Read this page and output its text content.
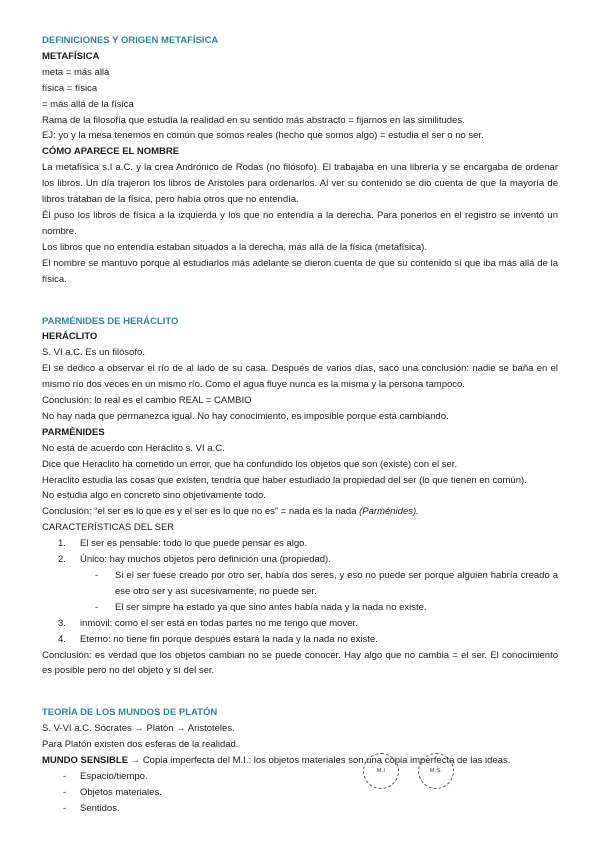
DEFINICIONES Y ORIGEN METAFÍSICA

METAFÍSICA

meta = más allá

física = física

= más allá de la física

Rama de la filosofía que estudia la realidad en su sentido más abstracto = fijarnos en las similitudes.

EJ: yo y la mesa tenemos en común que somos reales (hecho que somos algo) = estudia el ser o no ser.

CÓMO APARECE EL NOMBRE

La metafísica s.I a.C. y la crea Andrónico de Rodas (no filósofo). El trabajaba en una librería y se encargaba de ordenar los libros. Un día trajeron los libros de Aristoles para ordenarlos. Al ver su contenido se dio cuenta de que la mayoría de libros trataban de la física, pero había otros que no entendía.

Él puso los libros de física a la izquierda y los que no entendía a la derecha. Para ponerlos en el registro se inventó un nombre.

Los libros que no entendía estaban situados a la derecha, más allá de la física (metafísica).

El nombre se mantuvo porque al estudiarlos más adelante se dieron cuenta de que su contenido sí que iba más allá de la física.

PARMÉNIDES DE HERÁCLITO

HERÁCLITO

S. VI a.C. Es un filósofo.

El se dedico a observar el río de al lado de su casa. Después de varios días, sacó una conclusión: nadie se baña en el mismo río dos veces en un mismo río. Como el agua fluye nunca es la misma y la persona tampoco.

Conclusión: lo real es el cambio REAL = CAMBIO

No hay nada que permanezca igual. No hay conocimiento, es imposible porque está cambiando.

PARMÈNIDES

No está de acuerdo con Heráclito s. VI a.C.

Dice que Heraclito ha cometido un error, que ha confundido los objetos que son (existe) con el ser.

Heraclito estudia las cosas que existen, tendría que haber estudiado la propiedad del ser (lo que tienen en común).

No estudia algo en concreto sino objetivamente todo.

Conclusión: “el ser es lo que es y el ser es lo que no es” = nada es la nada (Parménides).

CARACTERÍSTICAS DEL SER

1.	El ser es pensable: todo lo que puede pensar es algo.
2.	Único: hay muchos objetos pero definición una (propiedad).
-	Si el ser fuese creado por otro ser, había dos seres, y eso no puede ser porque alguien habría creado a ese otro ser y así sucesivamente, no puede ser.
-	El ser simpre ha estado ya que sino antes había nada y la nada no existe.
3.	inmovil: como el ser está en todas partes no me tengo que mover.
4.	Eterno: no tiene fin porque después estará la nada y la nada no existe.

Conclusión: es verdad que los objetos cambian no se puede conocer. Hay algo que no cambia = el ser. El conocimiento es posible pero no del objeto y sí del ser.

TEORÍA DE LOS MUNDOS DE PLATÓN

S. V-VI a.C. Sócrates → Platón → Aristoteles.

Para Platón existen dos esferas de la realidad.

MUNDO SENSIBLE → Copia imperfecta del M.I.: los objetos materiales son una copia imperfecta de las ideas.

-	Espacio/tiempo.
-	Objetos materiales.
-	Sentidos.
M.I	M.S.
